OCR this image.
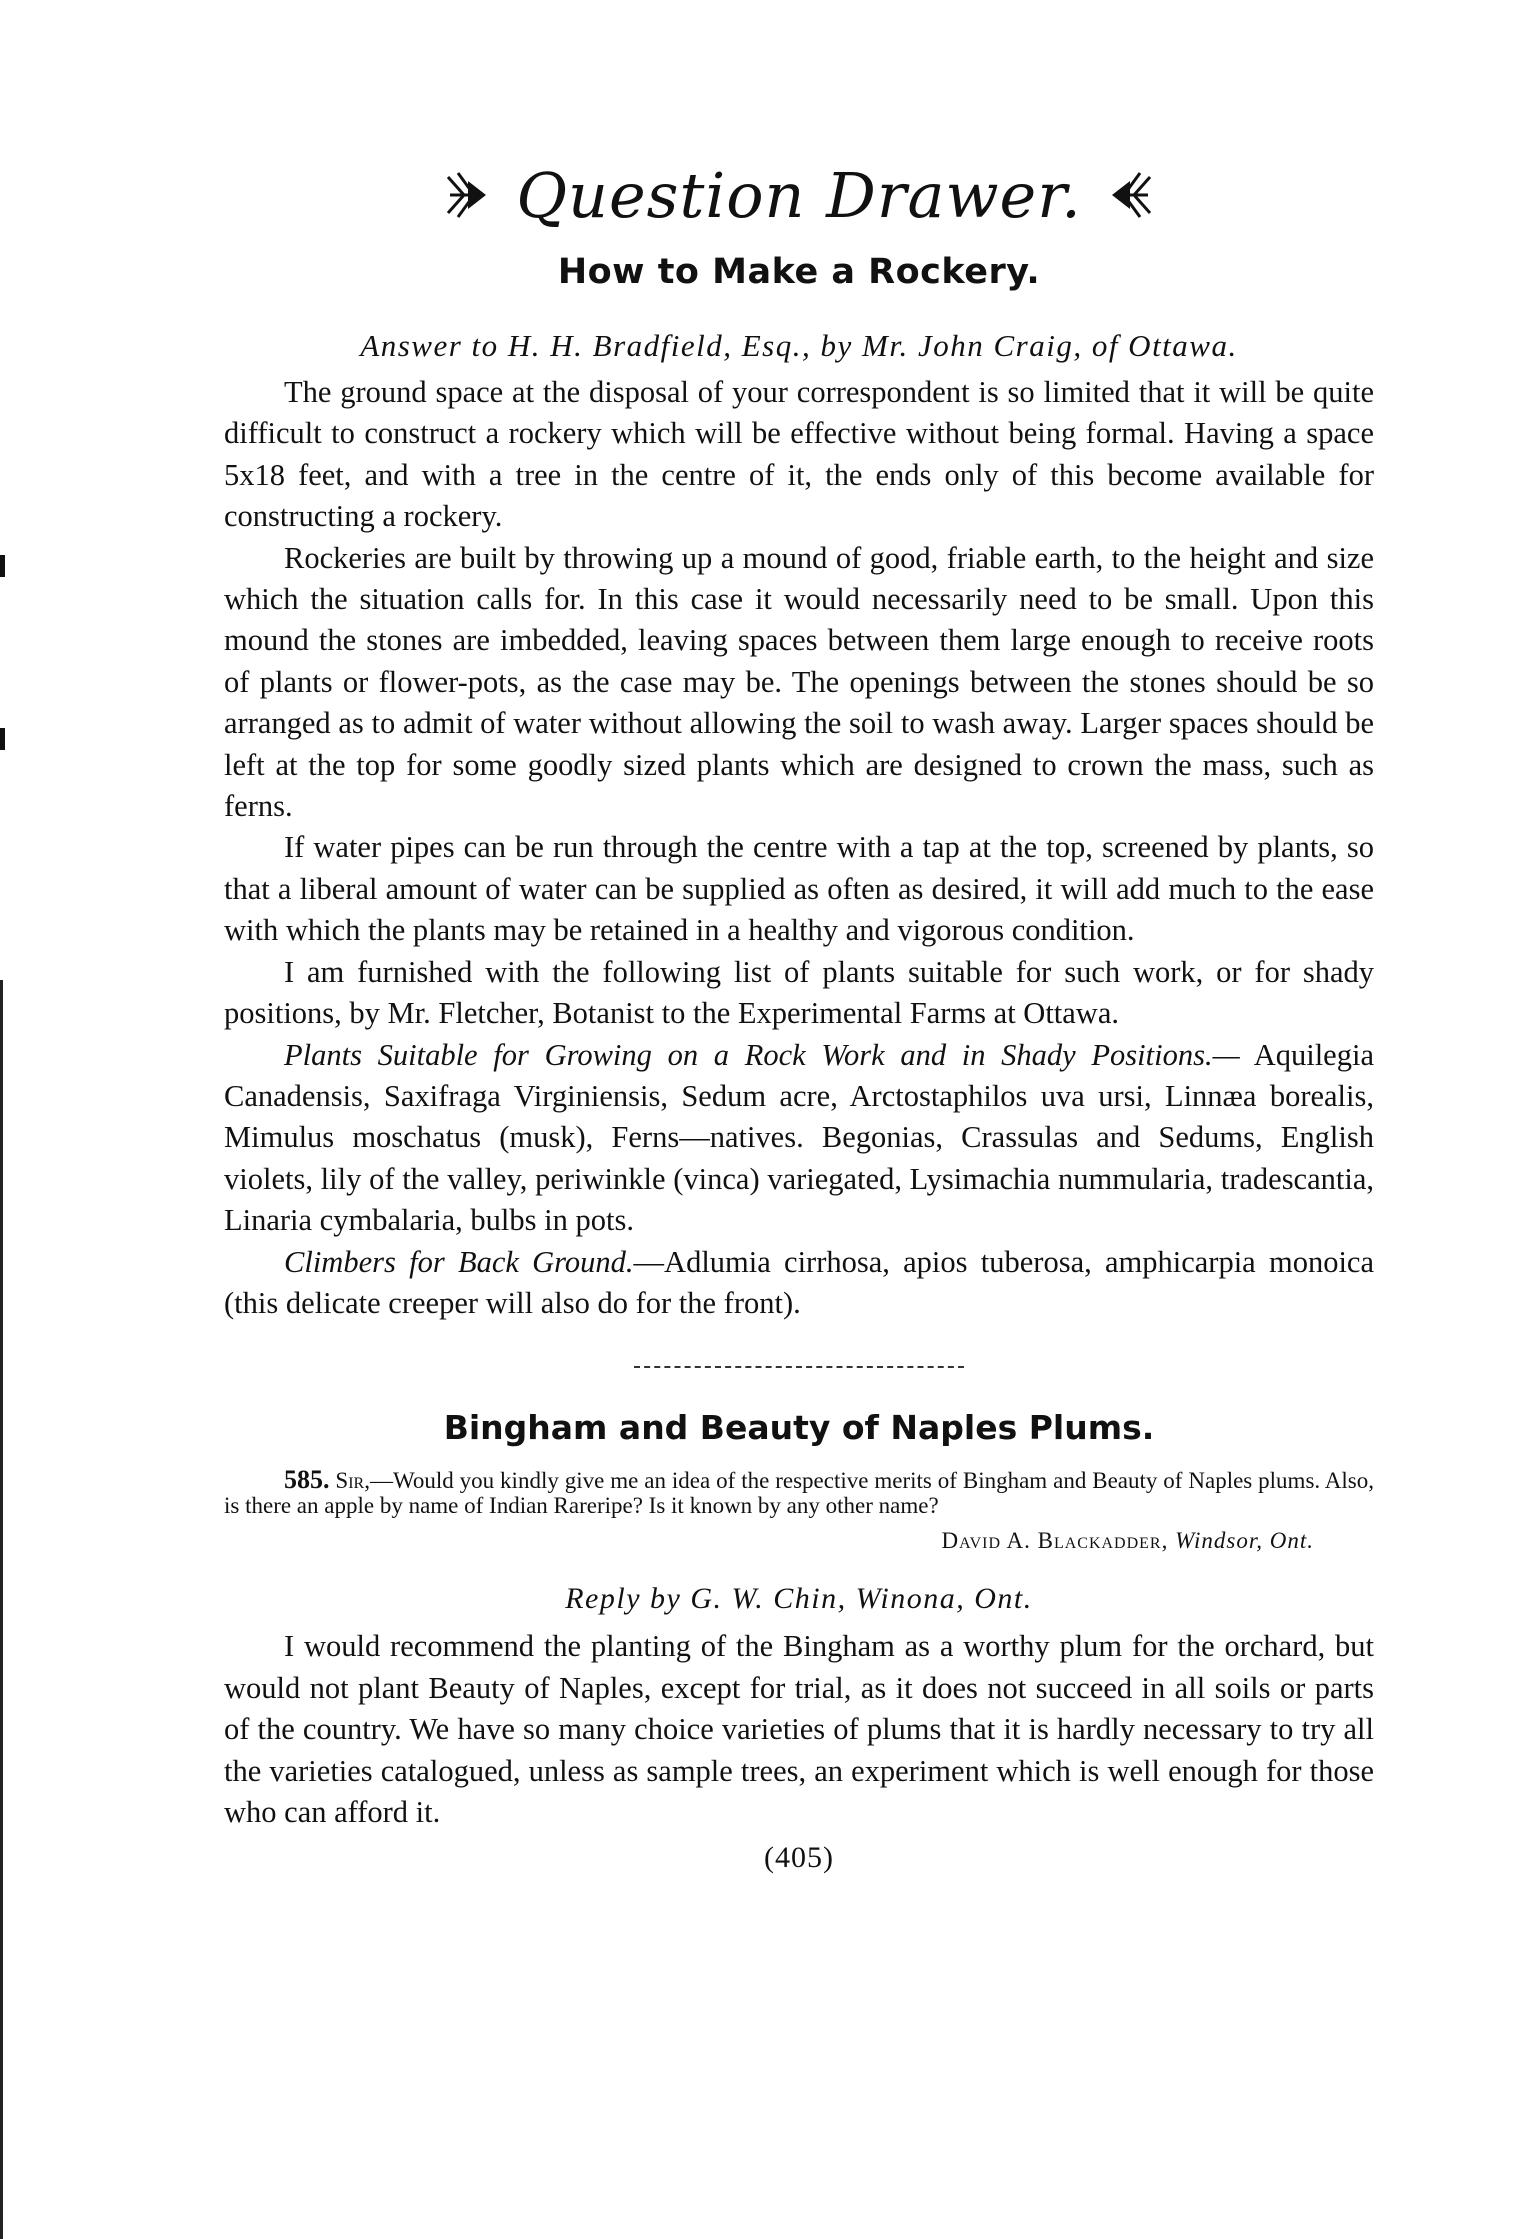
Question Drawer.
How to Make a Rockery.
Answer to H. H. Bradfield, Esq., by Mr. John Craig, of Ottawa.

The ground space at the disposal of your correspondent is so limited that it will be quite difficult to construct a rockery which will be effective without being formal. Having a space 5x18 feet, and with a tree in the centre of it, the ends only of this become available for constructing a rockery.

Rockeries are built by throwing up a mound of good, friable earth, to the height and size which the situation calls for. In this case it would necessarily need to be small. Upon this mound the stones are imbedded, leaving spaces between them large enough to receive roots of plants or flower-pots, as the case may be. The openings between the stones should be so arranged as to admit of water without allowing the soil to wash away. Larger spaces should be left at the top for some goodly sized plants which are designed to crown the mass, such as ferns.

If water pipes can be run through the centre with a tap at the top, screened by plants, so that a liberal amount of water can be supplied as often as desired, it will add much to the ease with which the plants may be retained in a healthy and vigorous condition.

I am furnished with the following list of plants suitable for such work, or for shady positions, by Mr. Fletcher, Botanist to the Experimental Farms at Ottawa.

Plants Suitable for Growing on a Rock Work and in Shady Positions.— Aquilegia Canadensis, Saxifraga Virginiensis, Sedum acre, Arctostaphilos uva ursi, Linnæa borealis, Mimulus moschatus (musk), Ferns—natives. Begonias, Crassulas and Sedums, English violets, lily of the valley, periwinkle (vinca) variegated, Lysimachia nummularia, tradescantia, Linaria cymbalaria, bulbs in pots.

Climbers for Back Ground.—Adlumia cirrhosa, apios tuberosa, amphicarpia monoica (this delicate creeper will also do for the front).

Bingham and Beauty of Naples Plums.

585. Sir,—Would you kindly give me an idea of the respective merits of Bingham and Beauty of Naples plums. Also, is there an apple by name of Indian Rareripe? Is it known by any other name?

David A. Blackadder, Windsor, Ont.
Reply by G. W. Chin, Winona, Ont.

I would recommend the planting of the Bingham as a worthy plum for the orchard, but would not plant Beauty of Naples, except for trial, as it does not succeed in all soils or parts of the country. We have so many choice varieties of plums that it is hardly necessary to try all the varieties catalogued, unless as sample trees, an experiment which is well enough for those who can afford it.

(405)
